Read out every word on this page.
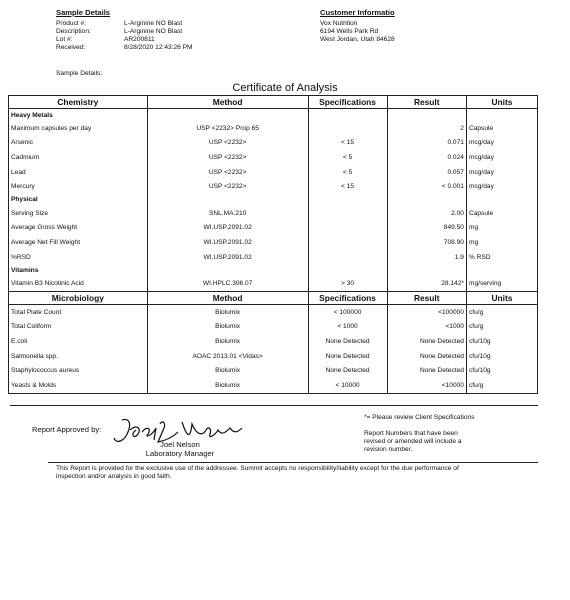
Sample Details
Product #:	L-Arginine NO Blast
Description:	L-Arginine NO Blast
Lot #:	AR200811
Received:	8/28/2020 12:43:26 PM
Sample Details:
Customer Informatio
Vox Nutrition
6194 Wells Park Rd
West Jordan, Utah 84628
Certificate of Analysis
Chemistry	Method	Specifications	Result	Units
Heavy Metals				
Maximum capsules per day	USP <2232> Prop 65		2	Capsule
Arsenic	USP <2232>	< 15	0.071	mcg/day
Cadmium	USP <2232>	< 5	0.024	mcg/day
Lead	USP <2232>	< 5	0.057	mcg/day
Mercury	USP <2232>	< 15	< 0.001	mcg/day
Physical				
Serving Size	SNL.MA.210		2.00	Capsule
Average Gross Weight	WI.USP.2091.02		849.50	mg
Average Net Fill Weight	WI.USP.2091.02		708.90	mg
%RSD	WI.USP.2091.02		1.9	% RSD
Vitamins				
Vitamin B3 Nicotinic Acid	WI.HPLC.306.07	> 30	28.142*	mg/serving
Microbiology	Method	Specifications	Result	Units
Total Plate Count	Biolumix	< 100000	<100000	cfu/g
Total Coliform	Biolumix	< 1000	<1000	cfu/g
E.coli	Biolumix	None Detected	None Detected	cfu/10g
Salmonella spp.	AOAC 2013.01 <Vidas>	None Detected	None Detected	cfu/10g
Staphylococcus aureus	Biolumix	None Detected	None Detected	cfu/10g
Yeasts & Molds	Biolumix	< 10000	<10000	cfu/g
Report Approved by:
Joel Nelson
Laboratory Manager
*= Please review Client Specifications
Report Numbers that have been
revised or amended will include a
revision number.
This Report is provided for the exclusive use of the addressee. Summit accepts no responsibility/liability except for the due performance of
inspection and/or analysis in good faith.
